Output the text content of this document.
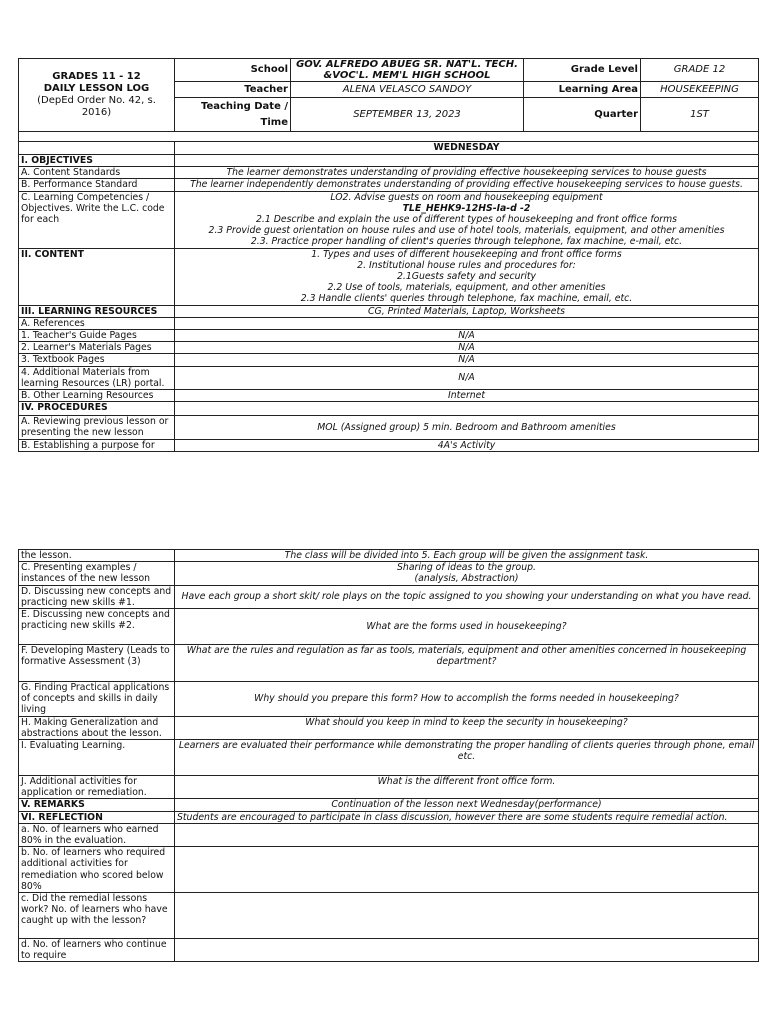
GRADES 11 - 12
DAILY LESSON LOG
(DepEd Order No. 42, s. 2016)	School	GOV. ALFREDO ABUEG SR. NAT'L. TECH. &VOC'L. MEM'L HIGH SCHOOL	Grade Level	GRADE 12
	Teacher	ALENA VELASCO SANDOY	Learning Area	HOUSEKEEPING

	Teaching Date /
Time	SEPTEMBER 13, 2023	Quarter	1ST

	WEDNESDAY			
I. OBJECTIVES				
A. Content Standards	The learner demonstrates understanding of providing effective housekeeping services to house guests			
B. Performance Standard	The learner independently demonstrates understanding of providing effective housekeeping services to house guests.			
C. Learning Competencies / Objectives. Write the L.C. code for each	LO2. Advise guests on room and housekeeping equipment
TLE_HEHK9-12HS-Ia-d -2
2.1 Describe and explain the use of different types of housekeeping and front office forms
2.3 Provide guest orientation on house rules and use of hotel tools, materials, equipment, and other amenities
2.3. Practice proper handling of client's queries through telephone, fax machine, e-mail, etc.			

II. CONTENT	1. Types and uses of different housekeeping and front office forms
2. Institutional house rules and procedures for:
2.1Guests safety and security
2.2 Use of tools, materials, equipment, and other amenities
2.3 Handle clients' queries through telephone, fax machine, email, etc.			

III. LEARNING RESOURCES	CG, Printed Materials, Laptop, Worksheets			
A. References				
1. Teacher's Guide Pages	N/A			
2. Learner's Materials Pages	N/A			
3. Textbook Pages	N/A			
4. Additional Materials from learning Resources (LR) portal.	N/A			
B. Other Learning Resources	Internet			
IV. PROCEDURES				
A. Reviewing previous lesson or presenting the new lesson	MOL (Assigned group) 5 min. Bedroom and Bathroom amenities			
B. Establishing a purpose for	4A's Activity			
the lesson.	The class will be divided into 5. Each group will be given the assignment task.
C. Presenting examples / instances of the new lesson	Sharing of ideas to the group.
(analysis, Abstraction)

D. Discussing new concepts and practicing new skills #1.	Have each group a short skit/ role plays on the topic assigned to you showing your understanding on what you have read.
E. Discussing new concepts and practicing new skills #2.	What are the forms used in housekeeping?
F. Developing Mastery (Leads to formative Assessment (3)	What are the rules and regulation as far as tools, materials, equipment and other amenities concerned in housekeeping department?
G. Finding Practical applications of concepts and skills in daily living	Why should you prepare this form? How to accomplish the forms needed in housekeeping?
H. Making Generalization and abstractions about the lesson.	What should you keep in mind to keep the security in housekeeping?
I. Evaluating Learning.	Learners are evaluated their performance while demonstrating the proper handling of clients queries through phone, email etc.
J. Additional activities for application or remediation.	What is the different front office form.
V. REMARKS	Continuation of the lesson next Wednesday(performance)
VI. REFLECTION	Students are encouraged to participate in class discussion, however there are some students require remedial action.
a. No. of learners who earned 80% in the evaluation.	
b. No. of learners who required additional activities for remediation who scored below 80%	
c. Did the remedial lessons work? No. of learners who have caught up with the lesson?	
d. No. of learners who continue to require	
